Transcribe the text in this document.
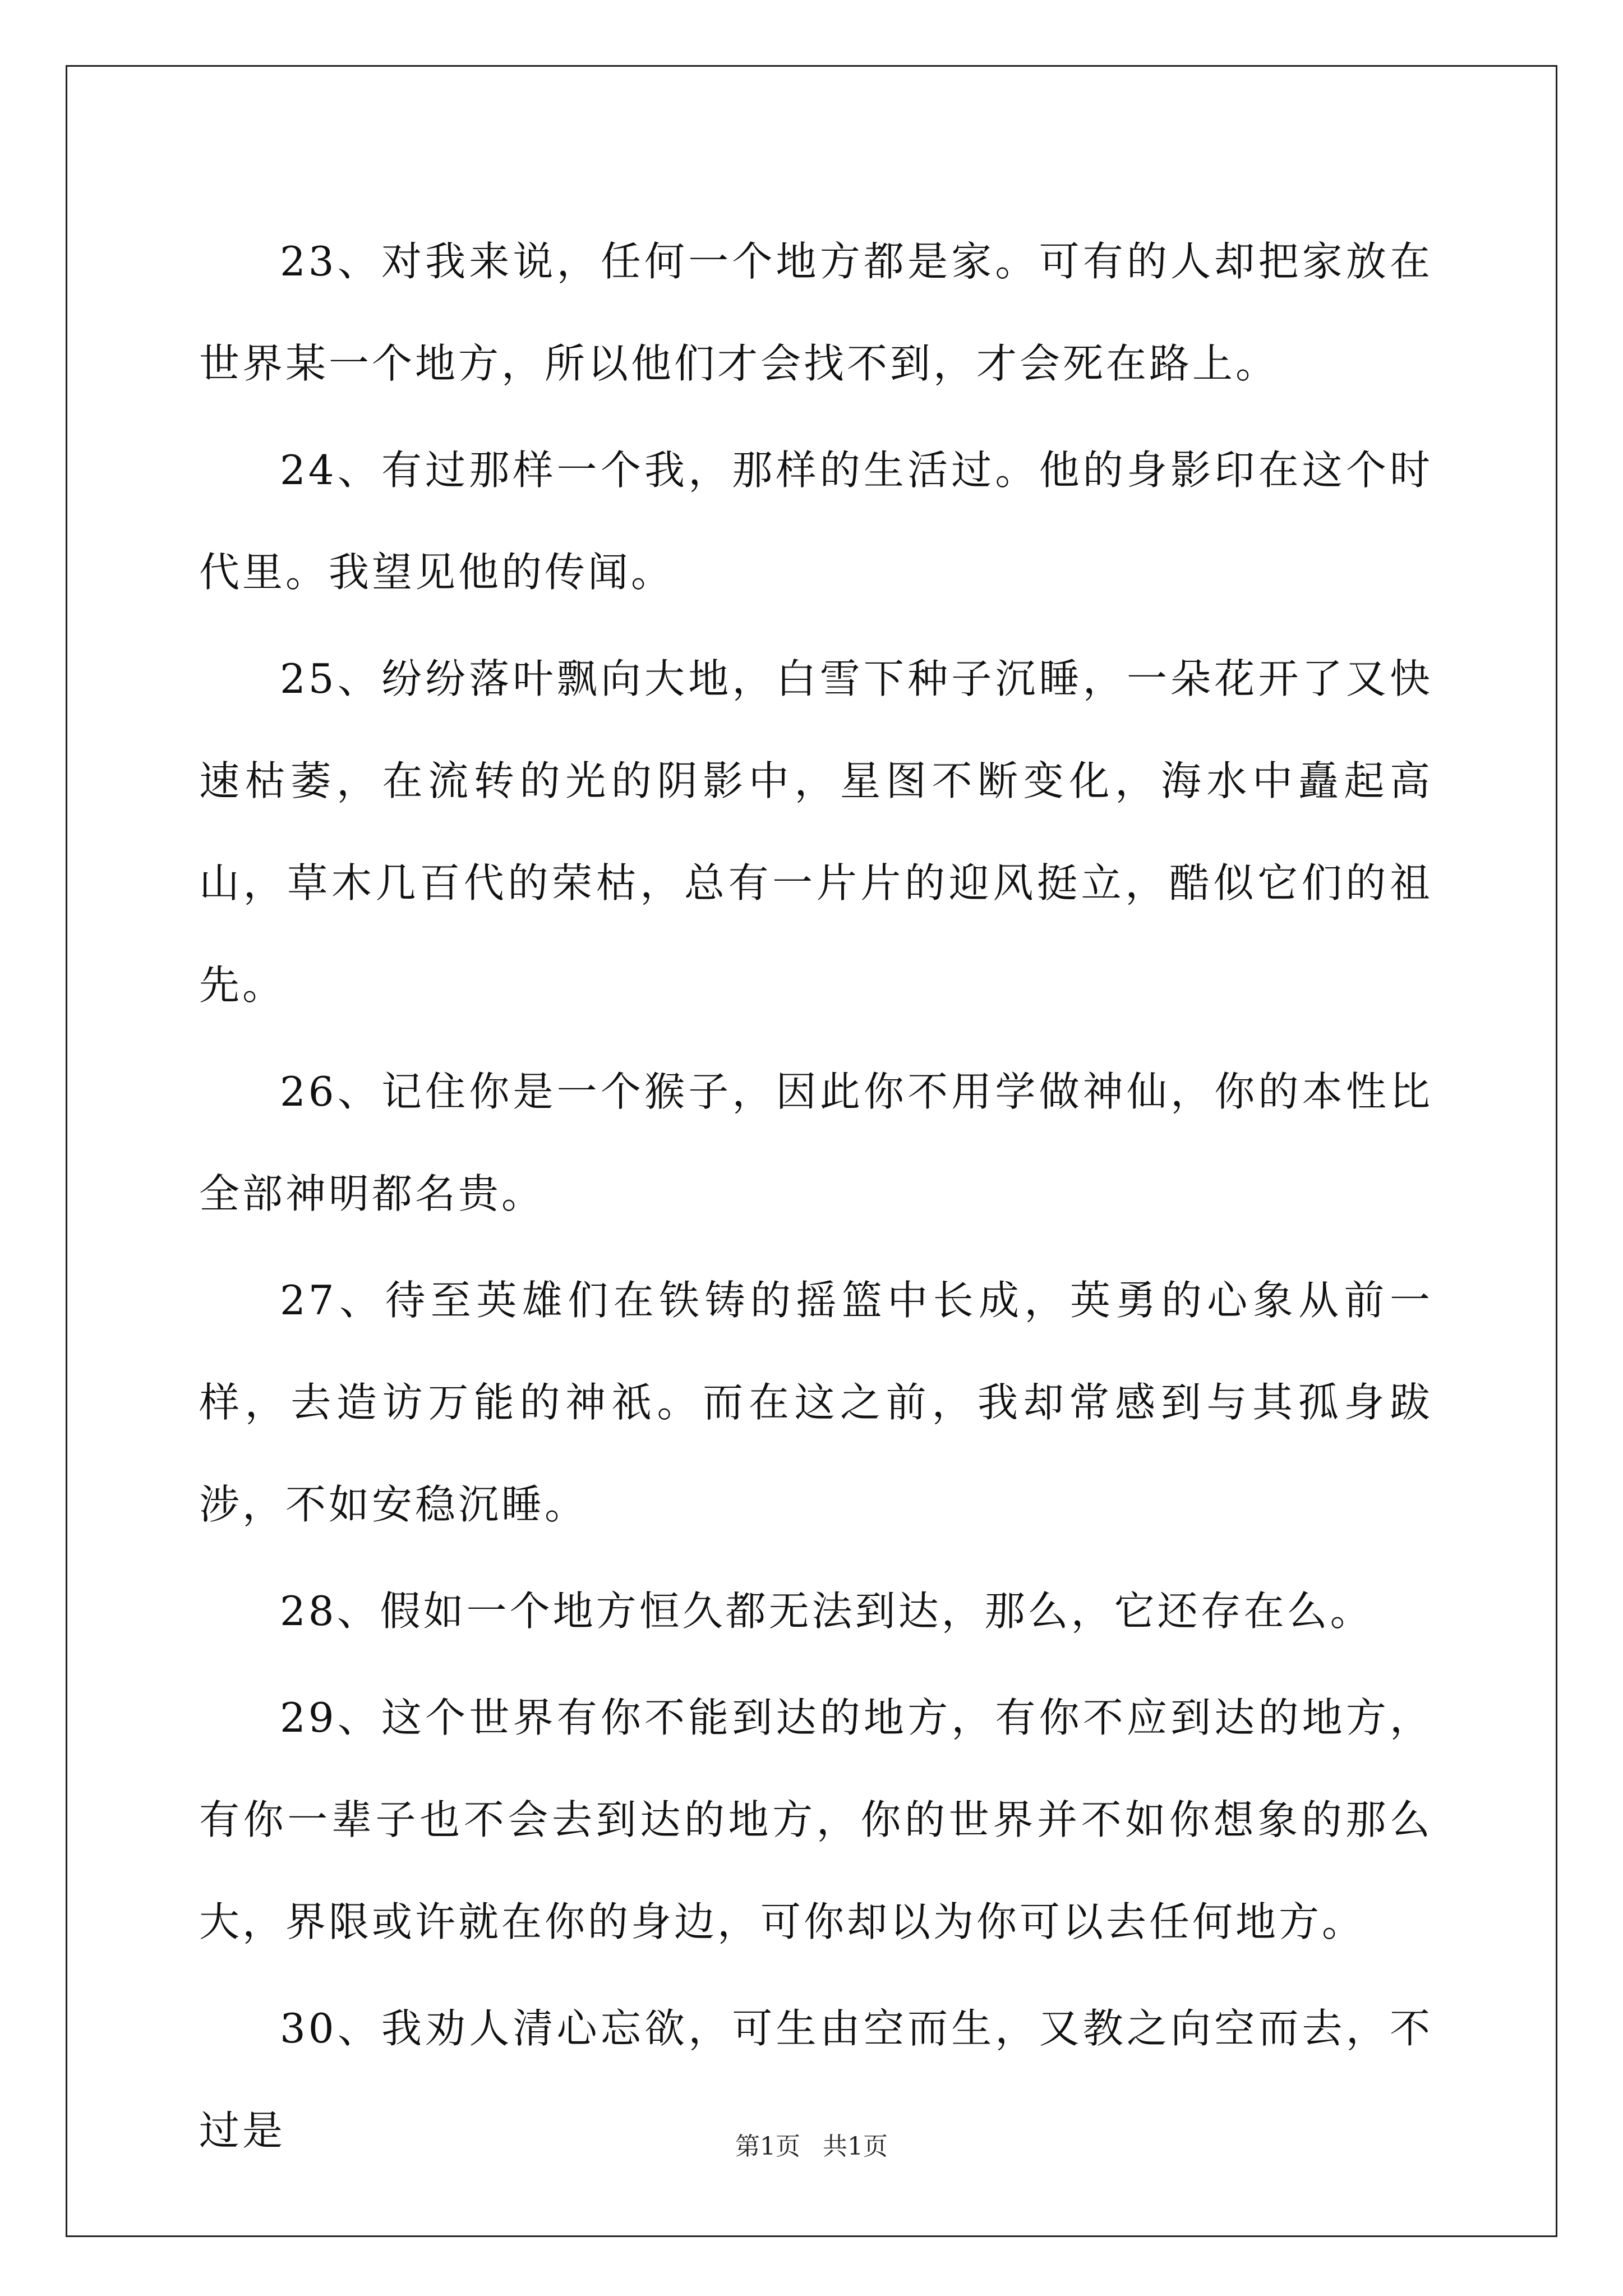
23、对我来说，任何一个地方都是家。可有的人却把家放在世界某一个地方，所以他们才会找不到，才会死在路上。

24、有过那样一个我，那样的生活过。他的身影印在这个时代里。我望见他的传闻。

25、纷纷落叶飘向大地，白雪下种子沉睡，一朵花开了又快速枯萎，在流转的光的阴影中，星图不断变化，海水中矗起高山，草木几百代的荣枯，总有一片片的迎风挺立，酷似它们的祖先。

26、记住你是一个猴子，因此你不用学做神仙，你的本性比全部神明都名贵。

27、待至英雄们在铁铸的摇篮中长成，英勇的心象从前一样，去造访万能的神祇。而在这之前，我却常感到与其孤身跋涉，不如安稳沉睡。

28、假如一个地方恒久都无法到达，那么，它还存在么。

29、这个世界有你不能到达的地方，有你不应到达的地方，有你一辈子也不会去到达的地方，你的世界并不如你想象的那么大，界限或许就在你的身边，可你却以为你可以去任何地方。

30、我劝人清心忘欲，可生由空而生，又教之向空而去，不过是	第1页 共1页
